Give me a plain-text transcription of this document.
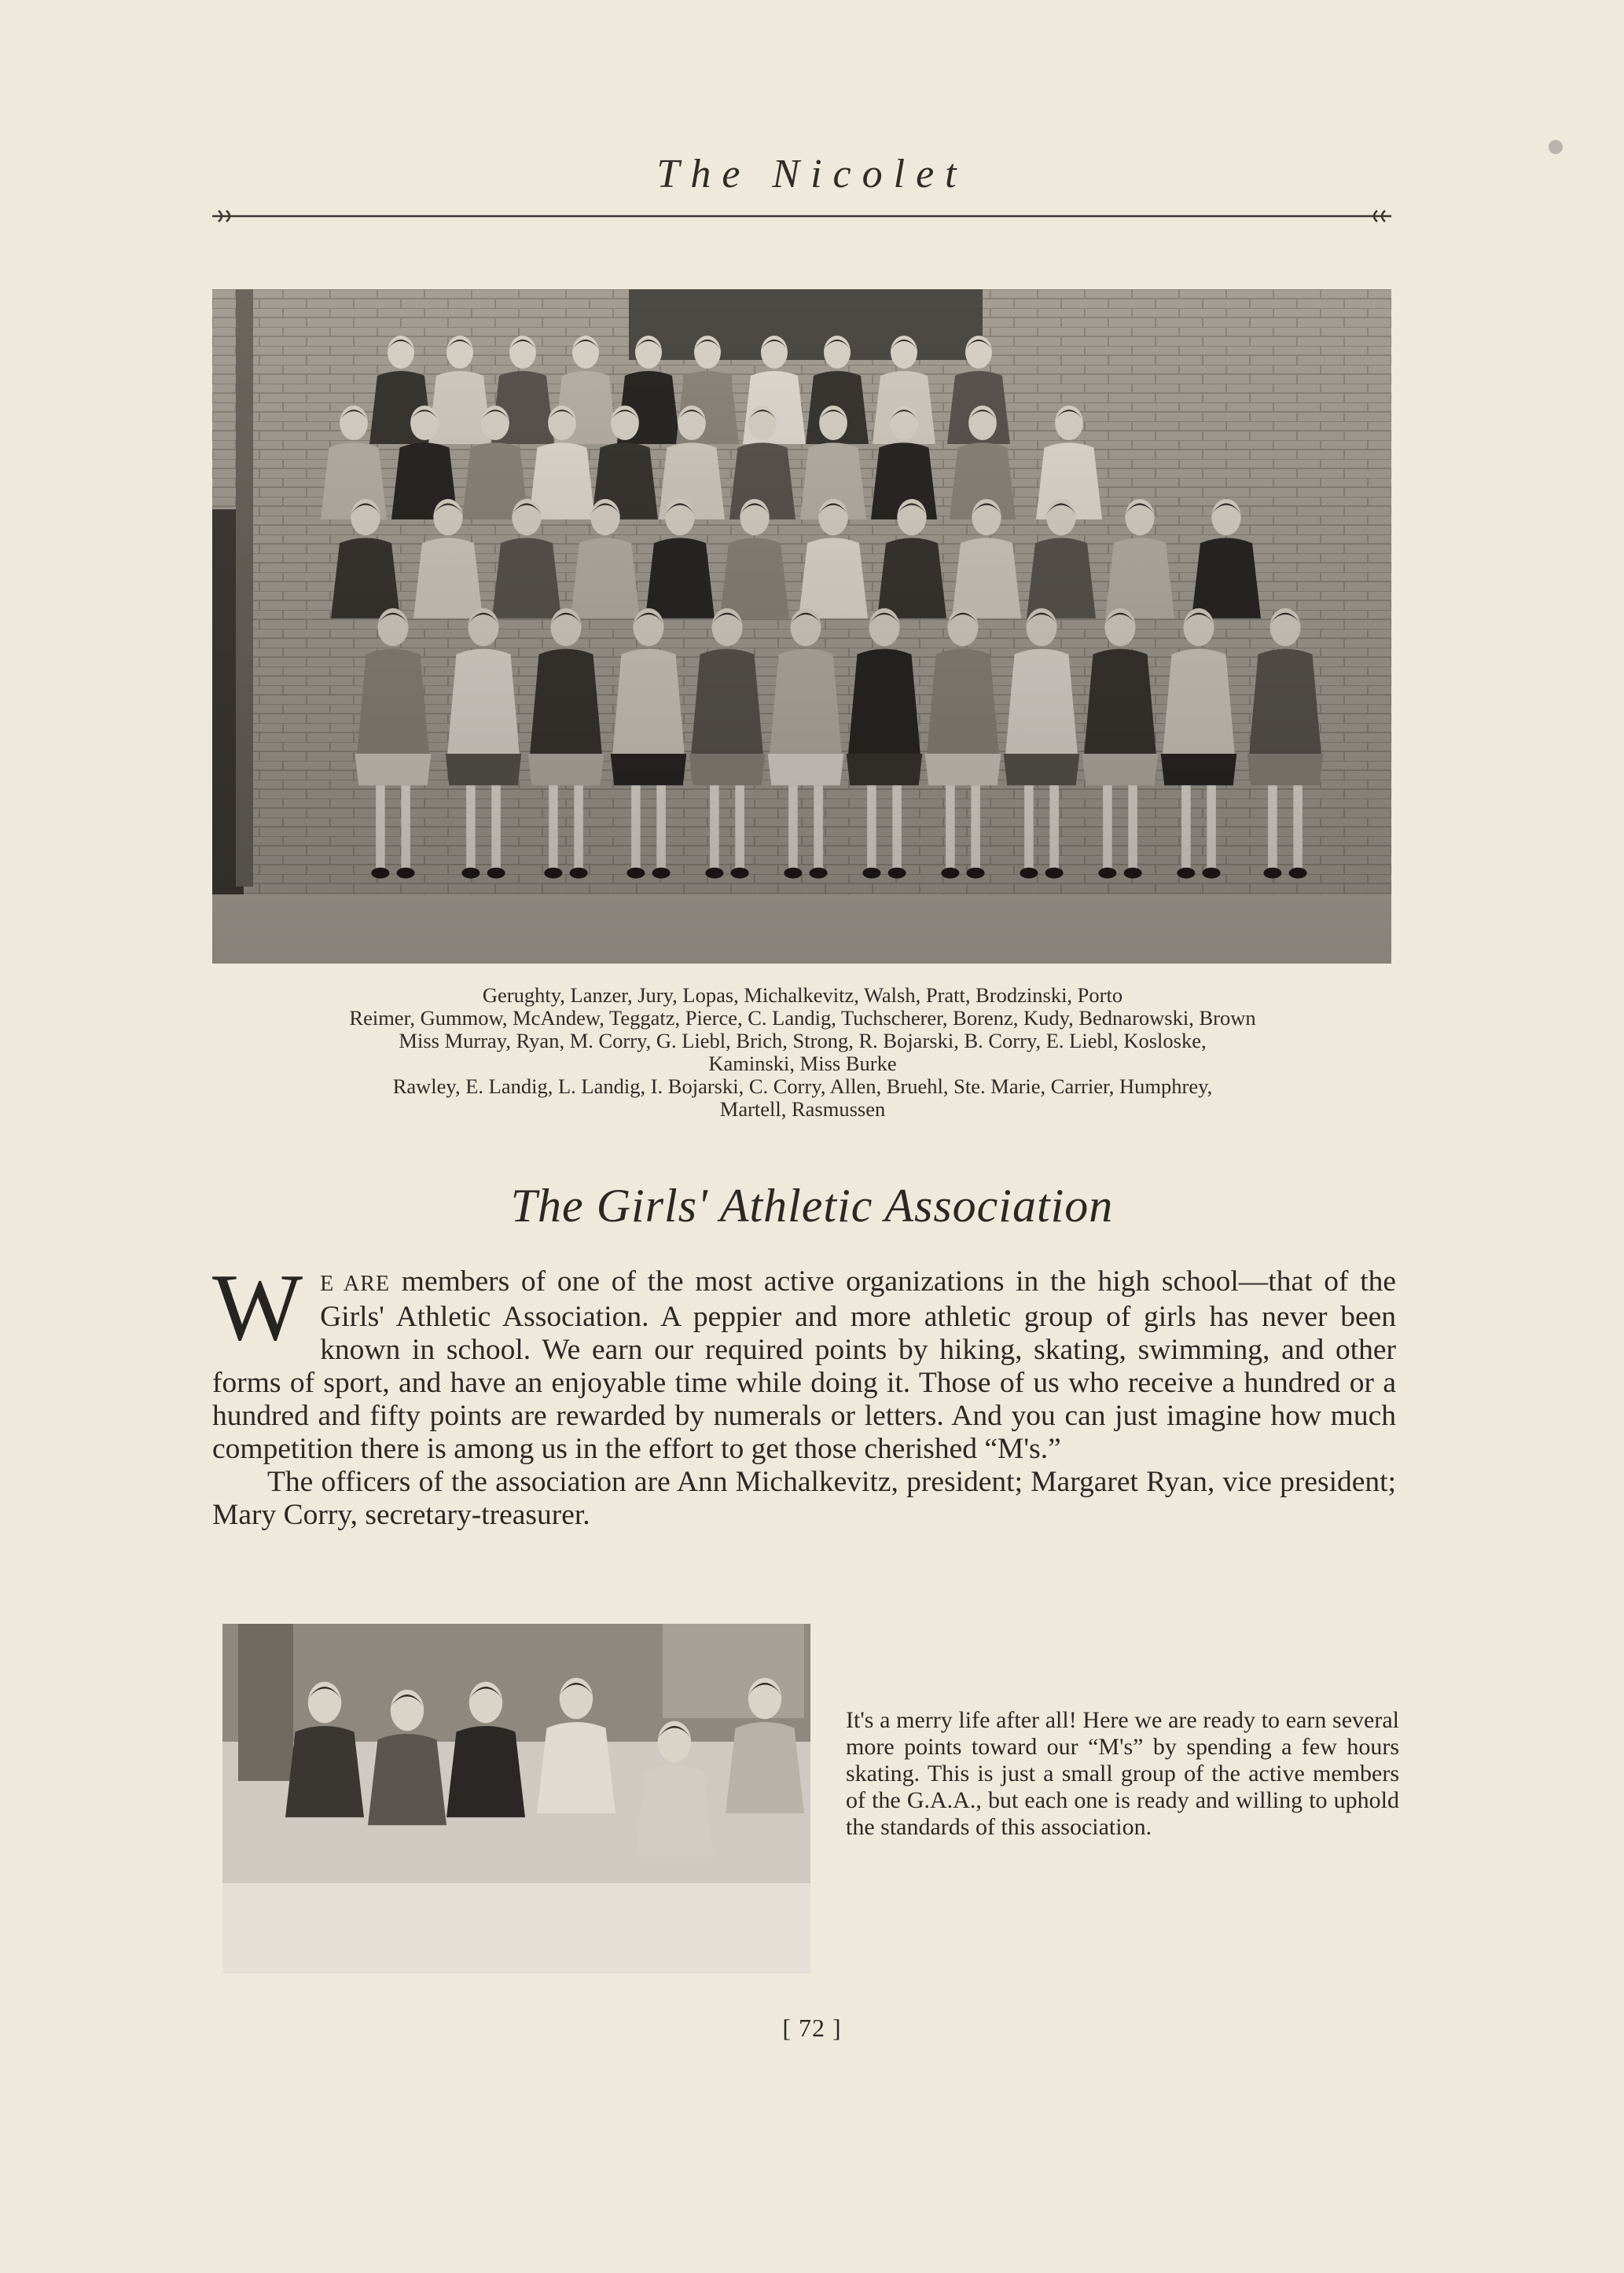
The Nicolet
Gerughty, Lanzer, Jury, Lopas, Michalkevitz, Walsh, Pratt, Brodzinski, Porto
Reimer, Gummow, McAndew, Teggatz, Pierce, C. Landig, Tuchscherer, Borenz, Kudy, Bednarowski, Brown
Miss Murray, Ryan, M. Corry, G. Liebl, Brich, Strong, R. Bojarski, B. Corry, E. Liebl, Kosloske,
Kaminski, Miss Burke
Rawley, E. Landig, L. Landig, I. Bojarski, C. Corry, Allen, Bruehl, Ste. Marie, Carrier, Humphrey,
Martell, Rasmussen
The Girls' Athletic Association

WE ARE members of one of the most active organizations in the high school—that of the Girls' Athletic Association. A peppier and more athletic group of girls has never been known in school. We earn our required points by hiking, skating, swimming, and other forms of sport, and have an enjoyable time while doing it. Those of us who receive a hundred or a hundred and fifty points are rewarded by numerals or letters. And you can just imagine how much competition there is among us in the effort to get those cherished “M's.”

The officers of the association are Ann Michalkevitz, president; Margaret Ryan, vice president; Mary Corry, secretary-treasurer.

It's a merry life after all! Here we are ready to earn several more points toward our “M's” by spending a few hours skating. This is just a small group of the active members of the G.A.A., but each one is ready and willing to uphold the standards of this association.
[ 72 ]
